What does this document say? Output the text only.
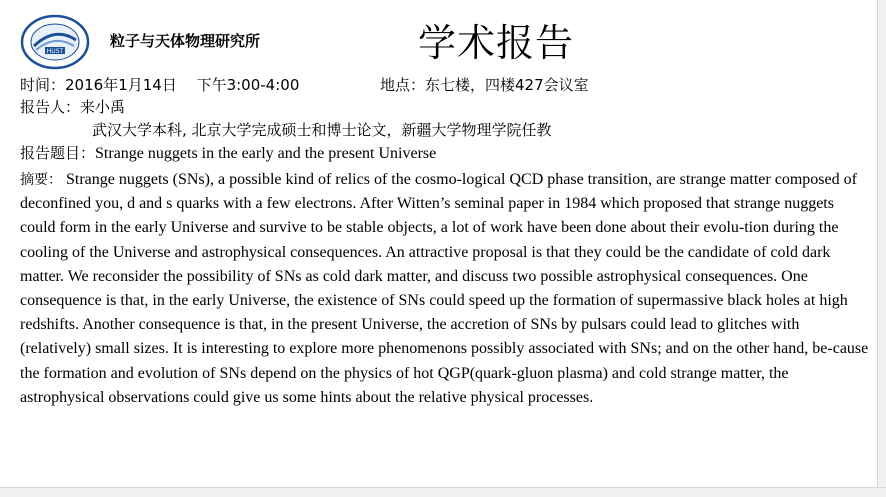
HUST
粒子与天体物理研究所	学术报告
时间：2016年1月14日　 下午3:00-4:00	地点：东七楼，四楼427会议室
报告人：来小禹
武汉大学本科, 北京大学完成硕士和博士论文，新疆大学物理学院任教
报告题目：Strange nuggets in the early and the present Universe
摘要： Strange nuggets (SNs), a possible kind of relics of the cosmo-logical QCD phase transition, are strange matter composed of deconfined you, d and s quarks with a few electrons. After Witten’s seminal paper in 1984 which proposed that strange nuggets could form in the early Universe and survive to be stable objects, a lot of work have been done about their evolu-tion during the cooling of the Universe and astrophysical consequences. An attractive proposal is that they could be the candidate of cold dark matter. We reconsider the possibility of SNs as cold dark matter, and discuss two possible astrophysical consequences. One consequence is that, in the early Universe, the existence of SNs could speed up the formation of supermassive black holes at high redshifts. Another consequence is that, in the present Universe, the accretion of SNs by pulsars could lead to glitches with (relatively) small sizes. It is interesting to explore more phenomenons possibly associated with SNs; and on the other hand, be-cause the formation and evolution of SNs depend on the physics of hot QGP(quark-gluon plasma) and cold strange matter, the astrophysical observations could give us some hints about the relative physical processes.
